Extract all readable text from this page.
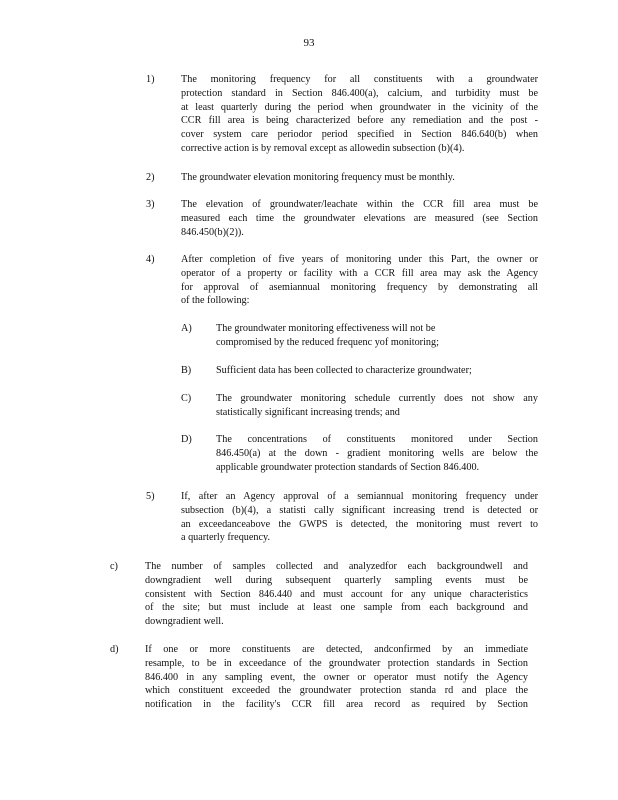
93
1)	The monitoring frequency for all constituents with a groundwater
protection standard in Section 846.400(a), calcium, and turbidity must be
at least quarterly during the period when groundwater in the vicinity of the
CCR fill area is being characterized before any remediation and the post -
cover system care periodor period specified in Section 846.640(b) when
corrective action is by removal except as allowedin subsection (b)(4).
2)	The groundwater elevation monitoring frequency must be monthly.
3)	The elevation of groundwater/leachate within the CCR fill area must be
measured each time the groundwater elevations are measured (see Section
846.450(b)(2)).
4)	After completion of five years of monitoring under this Part, the owner or
operator of a property or facility with a CCR fill area may ask the Agency
for approval of asemiannual monitoring frequency by demonstrating all
of the following:
A) The groundwater monitoring effectiveness will not be
compromised by the reduced frequenc yof monitoring;
B) Sufficient data has been collected to characterize groundwater;
C) The groundwater monitoring schedule currently does not show any
statistically significant increasing trends; and
D) The concentrations of constituents monitored under Section
846.450(a) at the down - gradient monitoring wells are below the
applicable groundwater protection standards of Section 846.400.
5)	If, after an Agency approval of a semiannual monitoring frequency under
subsection (b)(4), a statisti cally significant increasing trend is detected or
an exceedanceabove the GWPS is detected, the monitoring must revert to
a quarterly frequency.
c)	The number of samples collected and analyzedfor each backgroundwell and
downgradient well during subsequent quarterly sampling events must be
consistent with Section 846.440 and must account for any unique characteristics
of the site; but must include at least one sample from each background and
downgradient well.
d)	If one or more constituents are detected, andconfirmed by an immediate
resample, to be in exceedance of the groundwater protection standards in Section
846.400 in any sampling event, the owner or operator must notify the Agency
which constituent exceeded the groundwater protection standa rd and place the
notification in the facility's CCR fill area record as required by Section
